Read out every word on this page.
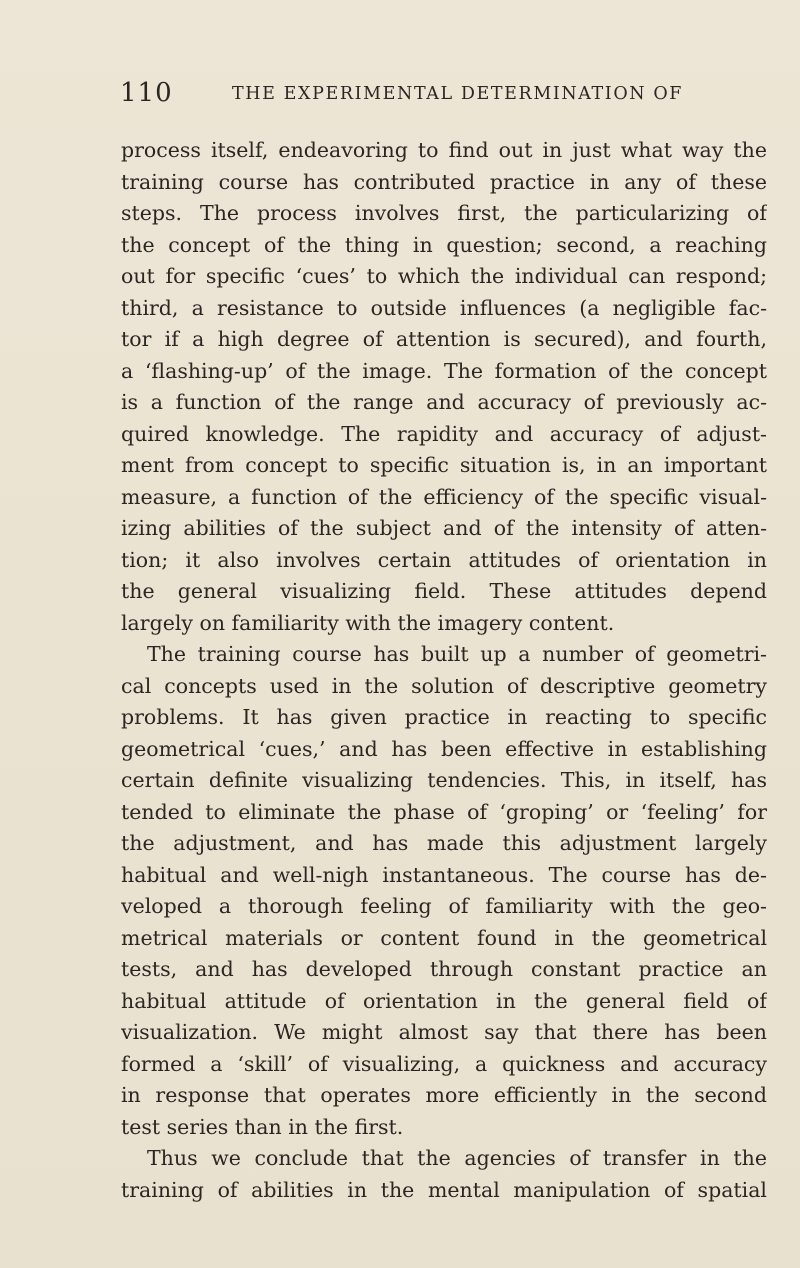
110	THE EXPERIMENTAL DETERMINATION OF
process itself, endeavoring to find out in just what way the
training course has contributed practice in any of these
steps. The process involves first, the particularizing of
the concept of the thing in question; second, a reaching
out for specific ‘cues’ to which the individual can respond;
third, a resistance to outside influences (a negligible fac-
tor if a high degree of attention is secured), and fourth,
a ‘flashing-up’ of the image. The formation of the concept
is a function of the range and accuracy of previously ac-
quired knowledge. The rapidity and accuracy of adjust-
ment from concept to specific situation is, in an important
measure, a function of the efficiency of the specific visual-
izing abilities of the subject and of the intensity of atten-
tion; it also involves certain attitudes of orientation in
the general visualizing field. These attitudes depend
largely on familiarity with the imagery content.
The training course has built up a number of geometri-
cal concepts used in the solution of descriptive geometry
problems. It has given practice in reacting to specific
geometrical ‘cues,’ and has been effective in establishing
certain definite visualizing tendencies. This, in itself, has
tended to eliminate the phase of ‘groping’ or ‘feeling’ for
the adjustment, and has made this adjustment largely
habitual and well-nigh instantaneous. The course has de-
veloped a thorough feeling of familiarity with the geo-
metrical materials or content found in the geometrical
tests, and has developed through constant practice an
habitual attitude of orientation in the general field of
visualization. We might almost say that there has been
formed a ‘skill’ of visualizing, a quickness and accuracy
in response that operates more efficiently in the second
test series than in the first.
Thus we conclude that the agencies of transfer in the
training of abilities in the mental manipulation of spatial
